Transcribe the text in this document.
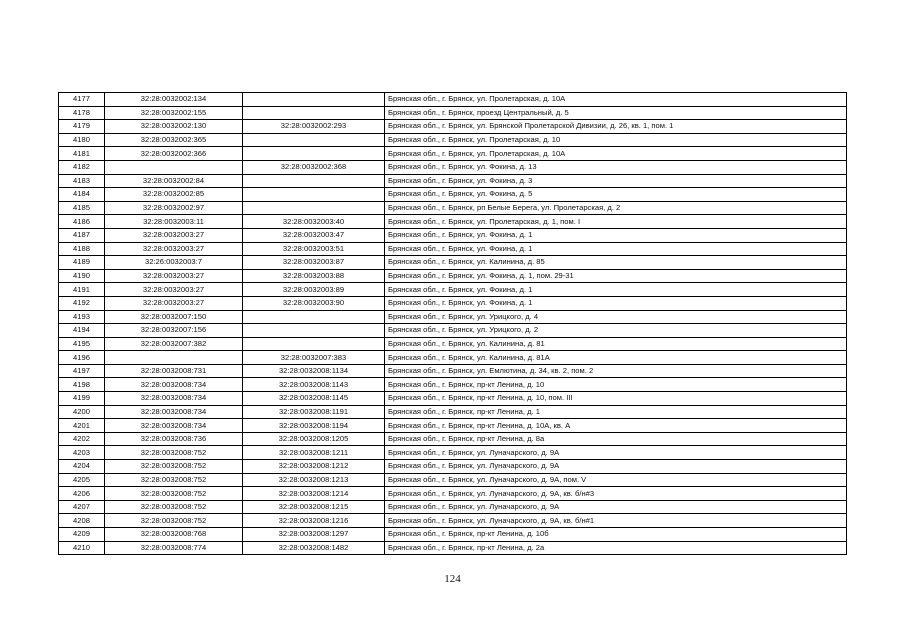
4177	32:28:0032002:134		Брянская обл., г. Брянск, ул. Пролетарская, д. 10А
4178	32:28:0032002:155		Брянская обл., г. Брянск, проезд Центральный, д. 5
4179	32:28:0032002:130	32:28:0032002:293	Брянская обл., г. Брянск, ул. Брянской Пролетарской Дивизии, д. 26, кв. 1, пом. 1
4180	32:28:0032002:365		Брянская обл., г. Брянск, ул. Пролетарская, д. 10
4181	32:28:0032002:366		Брянская обл., г. Брянск, ул. Пролетарская, д. 10А
4182		32:28:0032002:368	Брянская обл., г. Брянск, ул. Фокина, д. 13
4183	32:28:0032002:84		Брянская обл., г. Брянск, ул. Фокина, д. 3
4184	32:28:0032002:85		Брянская обл., г. Брянск, ул. Фокина, д. 5
4185	32:28:0032002:97		Брянская обл., г. Брянск, рп Белые Берега, ул. Пролетарская, д. 2
4186	32:28:0032003:11	32:28:0032003:40	Брянская обл., г. Брянск, ул. Пролетарская, д. 1, пом. I
4187	32:28:0032003:27	32:28:0032003:47	Брянская обл., г. Брянск, ул. Фокина, д. 1
4188	32:28:0032003:27	32:28:0032003:51	Брянская обл., г. Брянск, ул. Фокина, д. 1
4189	32:26:0032003:7	32:28:0032003:87	Брянская обл., г. Брянск, ул. Калинина, д. 85
4190	32:28:0032003:27	32:28:0032003:88	Брянская обл., г. Брянск, ул. Фокина, д. 1, пом. 29-31
4191	32:28:0032003:27	32:28:0032003:89	Брянская обл., г. Брянск, ул. Фокина, д. 1
4192	32:28:0032003:27	32:28:0032003:90	Брянская обл., г. Брянск, ул. Фокина, д. 1
4193	32:28:0032007:150		Брянская обл., г. Брянск, ул. Урицкого, д. 4
4194	32:28:0032007:156		Брянская обл., г. Брянск, ул. Урицкого, д. 2
4195	32:28:0032007:382		Брянская обл., г. Брянск, ул. Калинина, д. 81
4196		32:28:0032007:383	Брянская обл., г. Брянск, ул. Калинина, д. 81А
4197	32:28:0032008:731	32:28:0032008:1134	Брянская обл., г. Брянск, ул. Емлютина, д. 34, кв. 2, пом. 2
4198	32:28:0032008:734	32:28:0032008:1143	Брянская обл., г. Брянск, пр-кт Ленина, д. 10
4199	32:28:0032008:734	32:28:0032008:1145	Брянская обл., г. Брянск, пр-кт Ленина, д. 10, пом. III
4200	32:28:0032008:734	32:28:0032008:1191	Брянская обл., г. Брянск, пр-кт Ленина, д. 1
4201	32:28:0032008:734	32:28:0032008:1194	Брянская обл., г. Брянск, пр-кт Ленина, д. 10А, кв. А
4202	32:28:0032008:736	32:28:0032008:1205	Брянская обл., г. Брянск, пр-кт Ленина, д. 8а
4203	32:28:0032008:752	32:28:0032008:1211	Брянская обл., г. Брянск, ул. Луначарского, д. 9А
4204	32:28:0032008:752	32:28:0032008:1212	Брянская обл., г. Брянск, ул. Луначарского, д. 9А
4205	32:28:0032008:752	32:28:0032008:1213	Брянская обл., г. Брянск, ул. Луначарского, д. 9А, пом. V
4206	32:28:0032008:752	32:28:0032008:1214	Брянская обл., г. Брянск, ул. Луначарского, д. 9А, кв. б/н#3
4207	32:28:0032008:752	32:28:0032008:1215	Брянская обл., г. Брянск, ул. Луначарского, д. 9А
4208	32:28:0032008:752	32:28:0032008:1216	Брянская обл., г. Брянск, ул. Луначарского, д. 9А, кв. б/н#1
4209	32:28:0032008:768	32:28:0032008:1297	Брянская обл., г. Брянск, пр-кт Ленина, д. 10б
4210	32:28:0032008:774	32:28:0032008:1482	Брянская обл., г. Брянск, пр-кт Ленина, д. 2а
124
